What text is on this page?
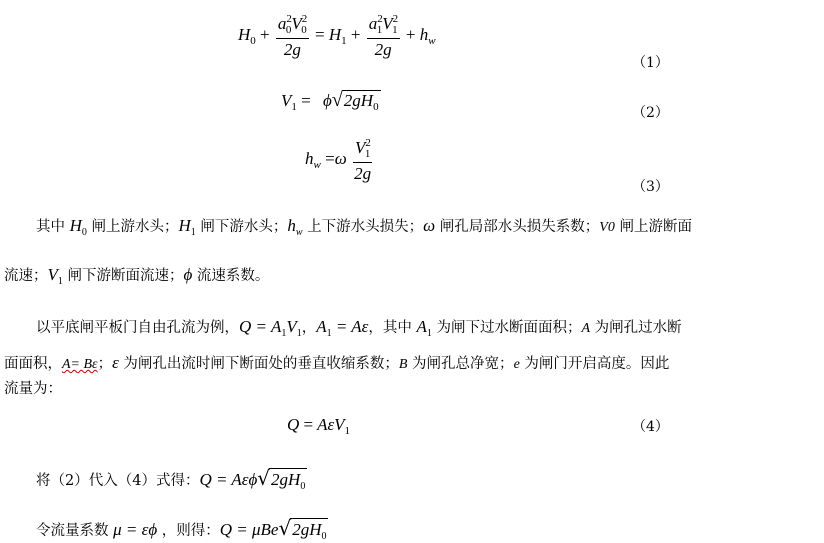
$H_0 + \frac{a^2_0V^2_0}{2g} = H_1 + \frac{a^2_1V^2_1}{2g} + h_w$
（1）
$V_1 = \phi√2gH_0$	（2）
$h_w =\omega \frac{V^2_1}{2g}$
（3）
其中 $H_0$ 闸上游水头；$H_1$ 闸下游水头；$h_w$ 上下游水头损失；ω 闸孔局部水头损失系数；V0 闸上游断面
流速；$V_1$ 闸下游断面流速；ϕ 流速系数。
以平底闸平板门自由孔流为例，$Q = A_1V_1$，$A_1 = A\varepsilon$，其中 $A_1$ 为闸下过水断面面积；A 为闸孔过水断
面面积，A= Bε；ε 为闸孔出流时闸下断面处的垂直收缩系数；B 为闸孔总净宽；e 为闸门开启高度。因此
流量为：
Q = AεV$_1$	（4）
将（2）代入（4）式得：$Q = A\varepsilon\phi√2gH_0$
令流量系数 μ = εϕ ，则得：$Q = \mu Be√2gH_0$
